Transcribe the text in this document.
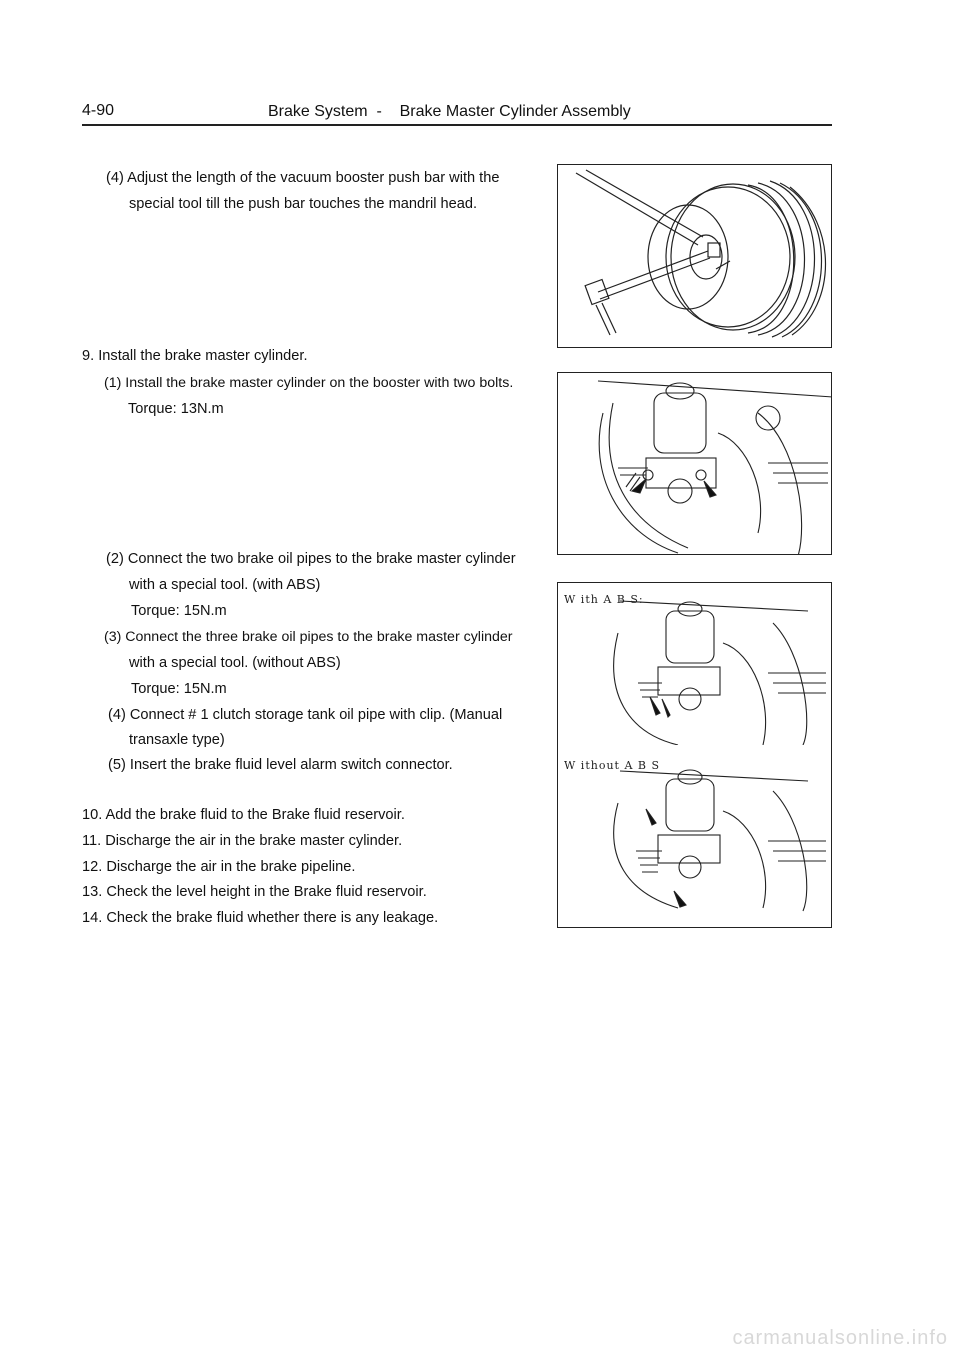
4-90	Brake System  -    Brake Master Cylinder Assembly
(4) Adjust the length of the vacuum booster push bar with the
special tool till the push bar touches the mandril head.
9. Install the brake master cylinder.
(1) Install the brake master cylinder on the booster with two bolts.
Torque: 13N.m
(2) Connect the two brake oil pipes to the brake master cylinder
with a special tool. (with ABS)
Torque: 15N.m
(3) Connect the three brake oil pipes to the brake master cylinder
with a special tool. (without ABS)
Torque: 15N.m
(4) Connect # 1 clutch storage tank oil pipe with clip. (Manual
transaxle type)
(5) Insert the brake fluid level alarm switch connector.
10. Add the brake fluid to the Brake fluid reservoir.
11. Discharge the air in the brake master cylinder.
12. Discharge the air in the brake pipeline.
13. Check the level height in the Brake fluid reservoir.
14. Check the brake fluid whether there is any leakage.
W ith A B S:
W ithout A B S
carmanualsonline.info
